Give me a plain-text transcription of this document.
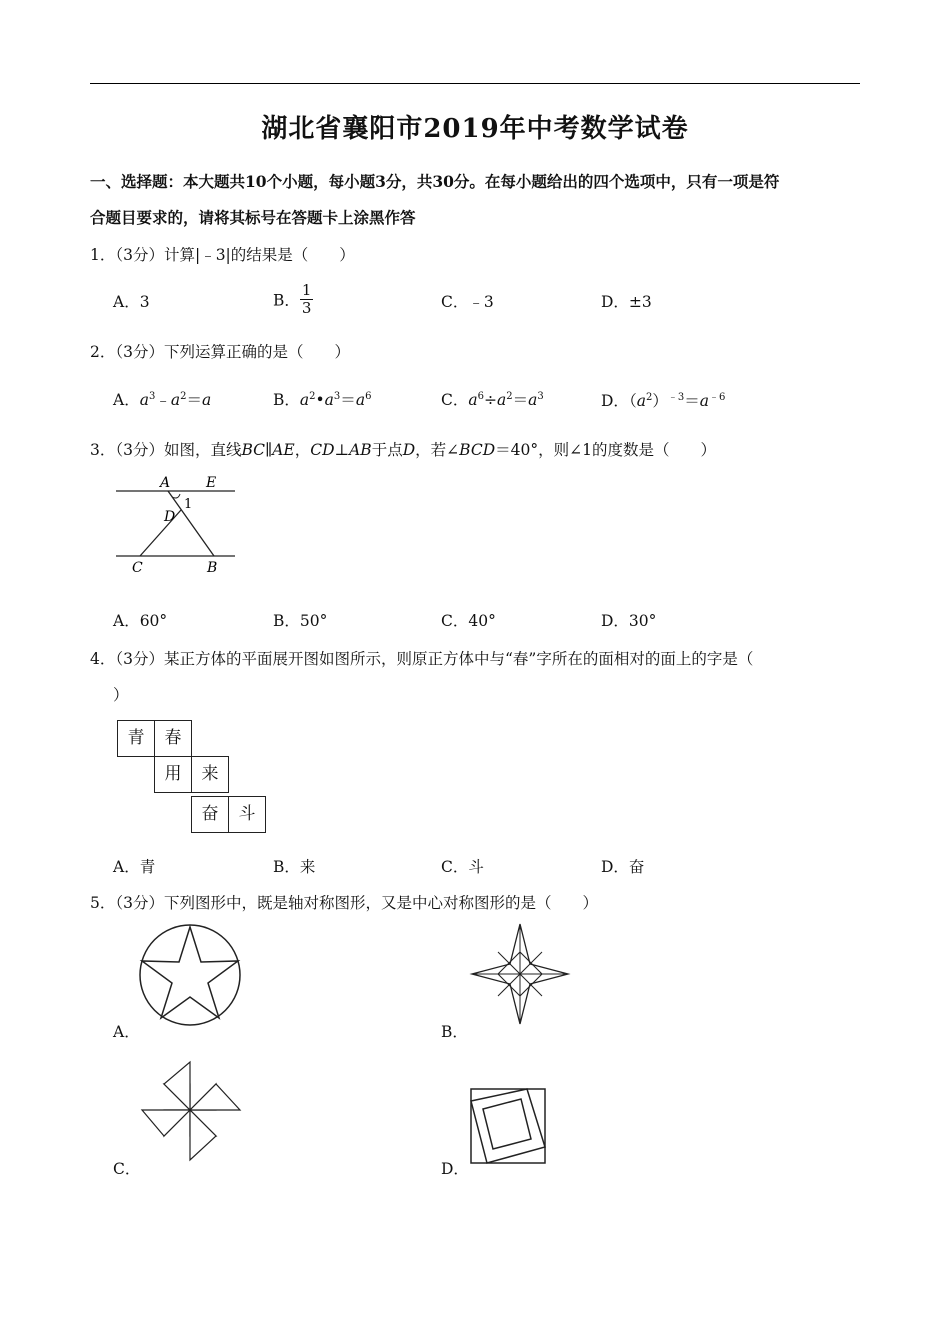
湖北省襄阳市2019年中考数学试卷
一、选择题：本大题共10个小题，每小题3分，共30分。在每小题给出的四个选项中，只有一项是符
合题目要求的，请将其标号在答题卡上涂黑作答
1．（3分）计算|﹣3|的结果是（　　）
A．3	B． $\frac{1}{3}$	C．﹣3	D．±3
2．（3分）下列运算正确的是（　　）
A．$a^3﹣a^2=a$	B．$a^2•a^3=a^6$	C．$a^6\div a^2=a^3$	D．$(a^2)^{﹣3}=a^{﹣6}$
3．（3分）如图，直线BC∥AE，CD⊥AB于点D，若∠BCD＝40°，则∠1的度数是（　　）
A	E
1
D
C	B
A．60°	B．50°	C．40°	D．30°
4．（3分）某正方体的平面展开图如图所示，则原正方体中与“春”字所在的面相对的面上的字是（
）
青	春
用	来
奋	斗
A．青	B．来	C．斗	D．奋
5．（3分）下列图形中，既是轴对称图形，又是中心对称图形的是（　　）
A．	B．
C．	D．
